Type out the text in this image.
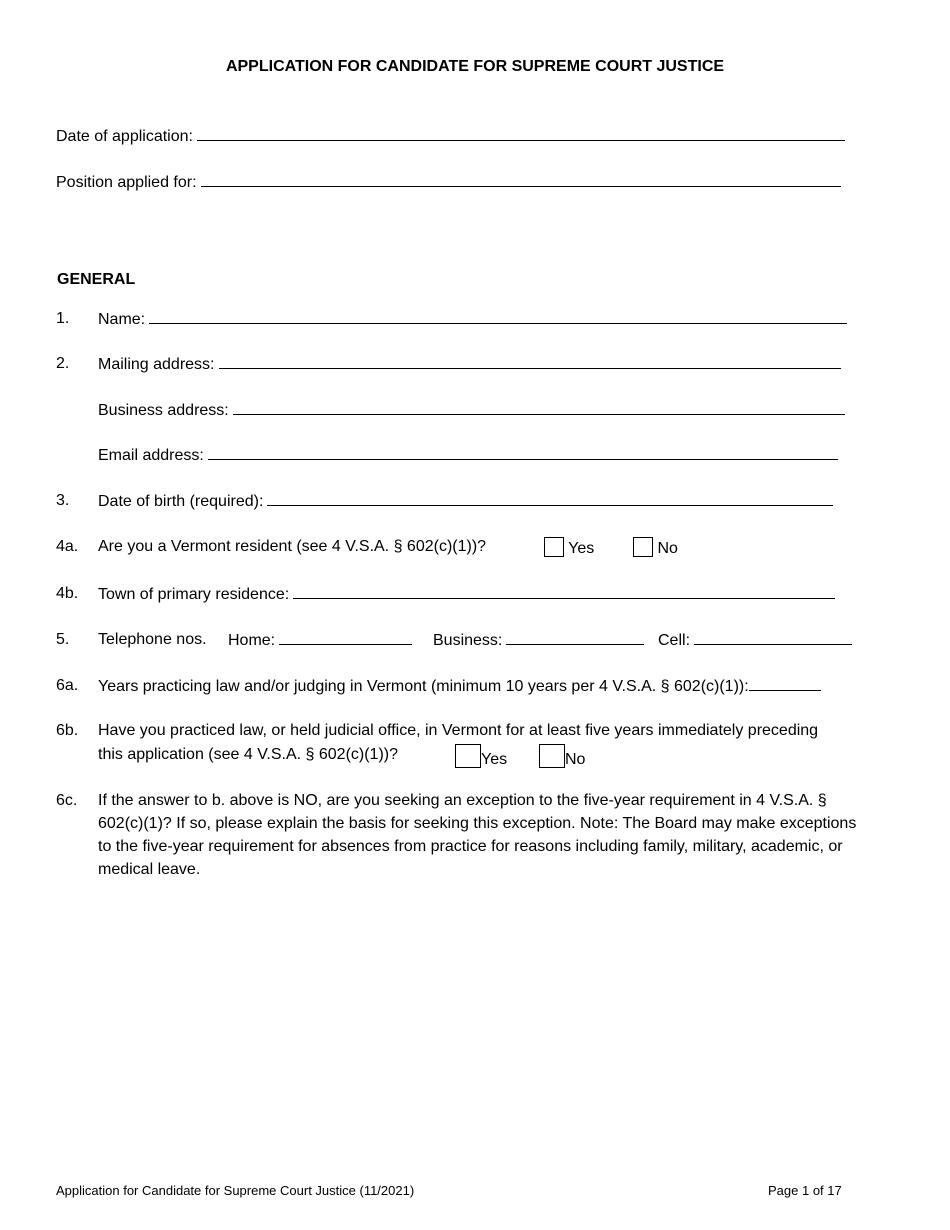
APPLICATION FOR CANDIDATE FOR SUPREME COURT JUSTICE
Date of application:
Position applied for:
GENERAL
1. Name:
2. Mailing address:
Business address:
Email address:
3. Date of birth (required):
4a. Are you a Vermont resident (see 4 V.S.A. § 602(c)(1))?	Yes	No
4b. Town of primary residence:
5. Telephone nos. Home:	Business:	Cell:
6a. Years practicing law and/or judging in Vermont (minimum 10 years per 4 V.S.A. § 602(c)(1)):
6b. Have you practiced law, or held judicial office, in Vermont for at least five years immediately preceding
this application (see 4 V.S.A. § 602(c)(1))?	Yes	No
6c. If the answer to b. above is NO, are you seeking an exception to the five-year requirement in 4 V.S.A. § 602(c)(1)? If so, please explain the basis for seeking this exception. Note: The Board may make exceptions to the five-year requirement for absences from practice for reasons including family, military, academic, or medical leave.
Application for Candidate for Supreme Court Justice (11/2021)	Page 1 of 17
